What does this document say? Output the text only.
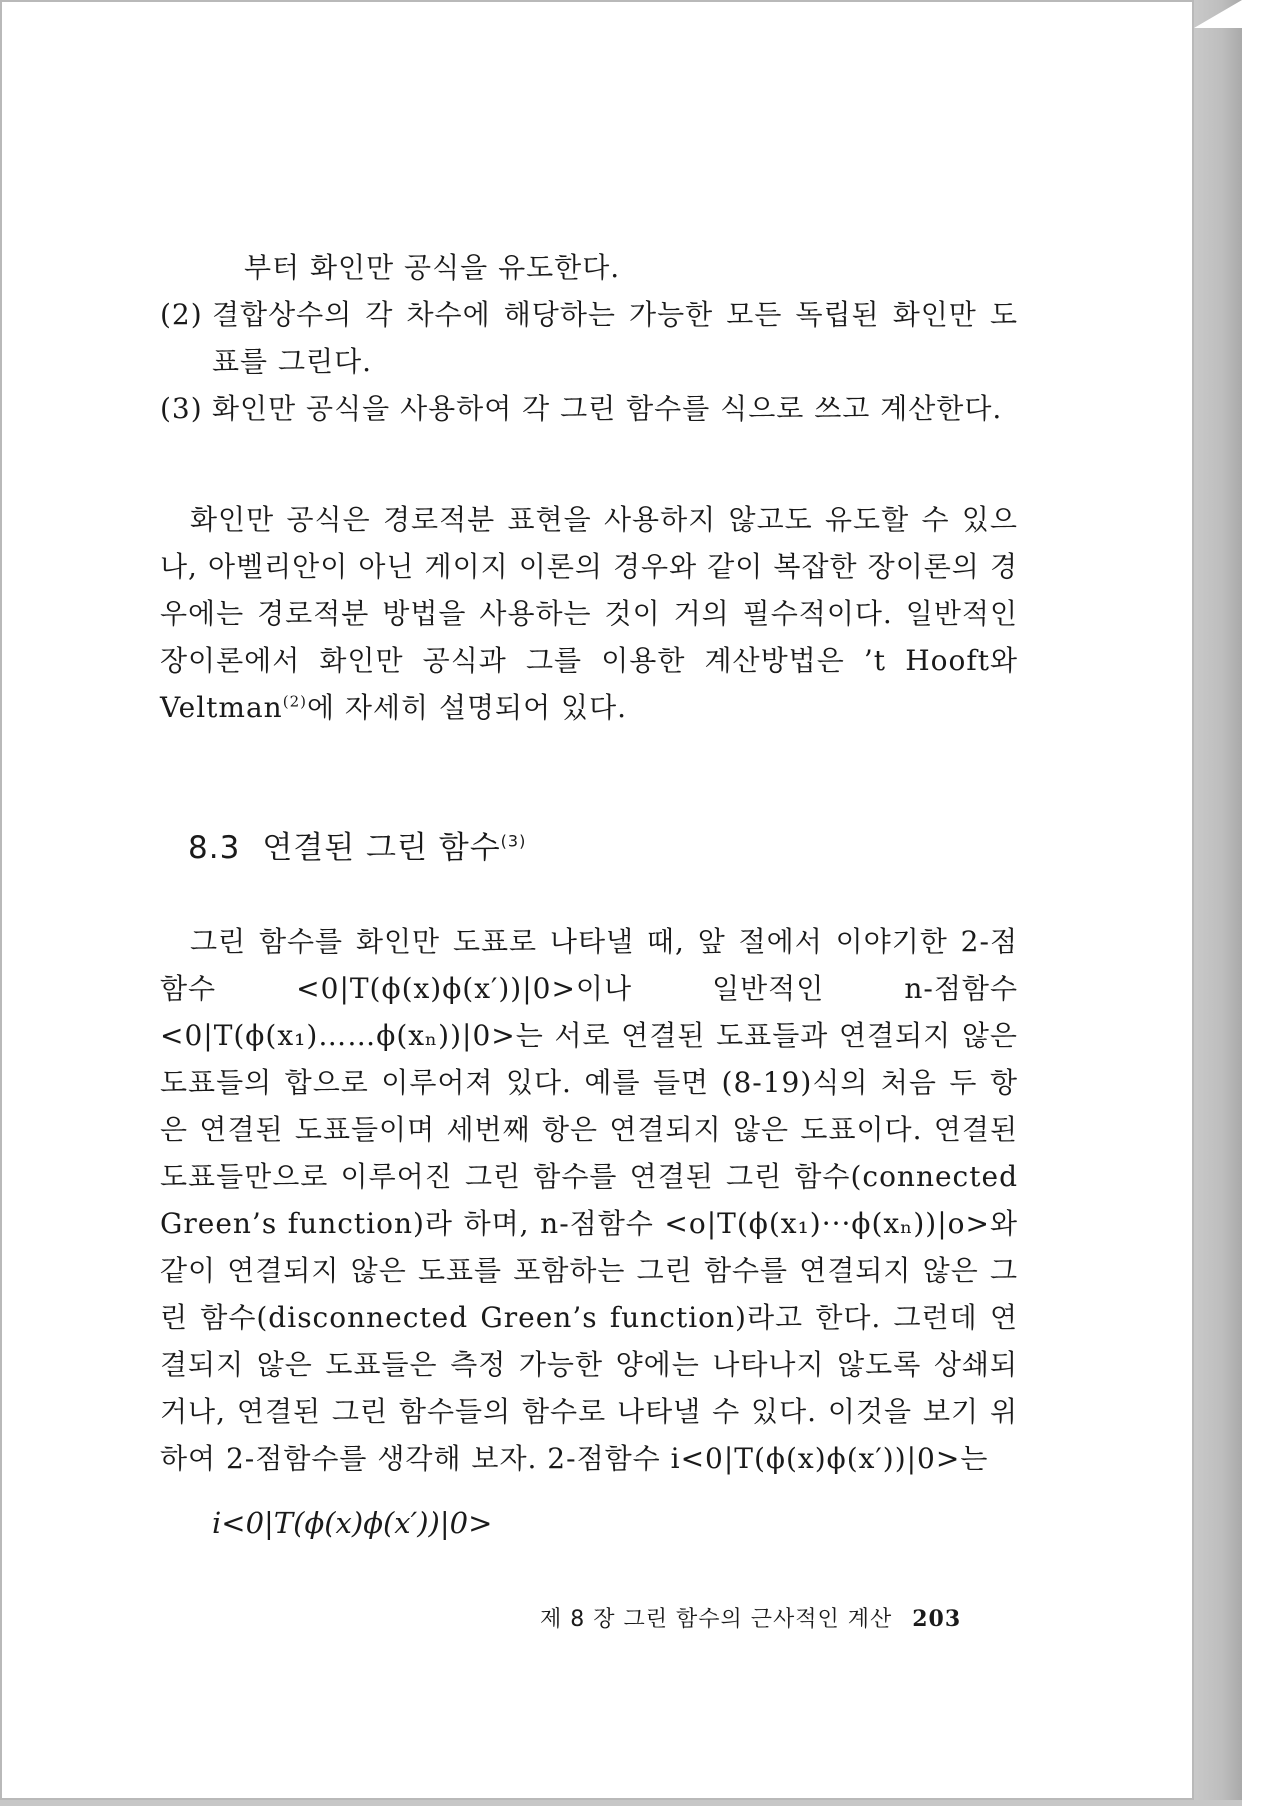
부터 화인만 공식을 유도한다.

(2) 결합상수의 각 차수에 해당하는 가능한 모든 독립된 화인만 도표를 그린다.
(3) 화인만 공식을 사용하여 각 그린 함수를 식으로 쓰고 계산한다.

화인만 공식은 경로적분 표현을 사용하지 않고도 유도할 수 있으나, 아벨리안이 아닌 게이지 이론의 경우와 같이 복잡한 장이론의 경우에는 경로적분 방법을 사용하는 것이 거의 필수적이다. 일반적인 장이론에서 화인만 공식과 그를 이용한 계산방법은 ’t Hooft와 Veltman$^{(2)}$에 자세히 설명되어 있다.

8.3 연결된 그린 함수$^{(3)}$

그린 함수를 화인만 도표로 나타낼 때, 앞 절에서 이야기한 2-점함수 <0|T(ϕ(x)ϕ(x′))|0>이나 일반적인 n-점함수 <0|T(ϕ(x₁)……ϕ(xₙ))|0>는 서로 연결된 도표들과 연결되지 않은 도표들의 합으로 이루어져 있다. 예를 들면 (8-19)식의 처음 두 항은 연결된 도표들이며 세번째 항은 연결되지 않은 도표이다. 연결된 도표들만으로 이루어진 그린 함수를 연결된 그린 함수(connected Green’s function)라 하며, n-점함수 <o|T(ϕ(x₁)···ϕ(xₙ))|o>와 같이 연결되지 않은 도표를 포함하는 그린 함수를 연결되지 않은 그린 함수(disconnected Green’s function)라고 한다. 그런데 연결되지 않은 도표들은 측정 가능한 양에는 나타나지 않도록 상쇄되거나, 연결된 그린 함수들의 함수로 나타낼 수 있다. 이것을 보기 위하여 2-점함수를 생각해 보자. 2-점함수 i<0|T(ϕ(x)ϕ(x′))|0>는

i<0|T(ϕ(x)ϕ(x′))|0>
제 8 장 그린 함수의 근사적인 계산 203
